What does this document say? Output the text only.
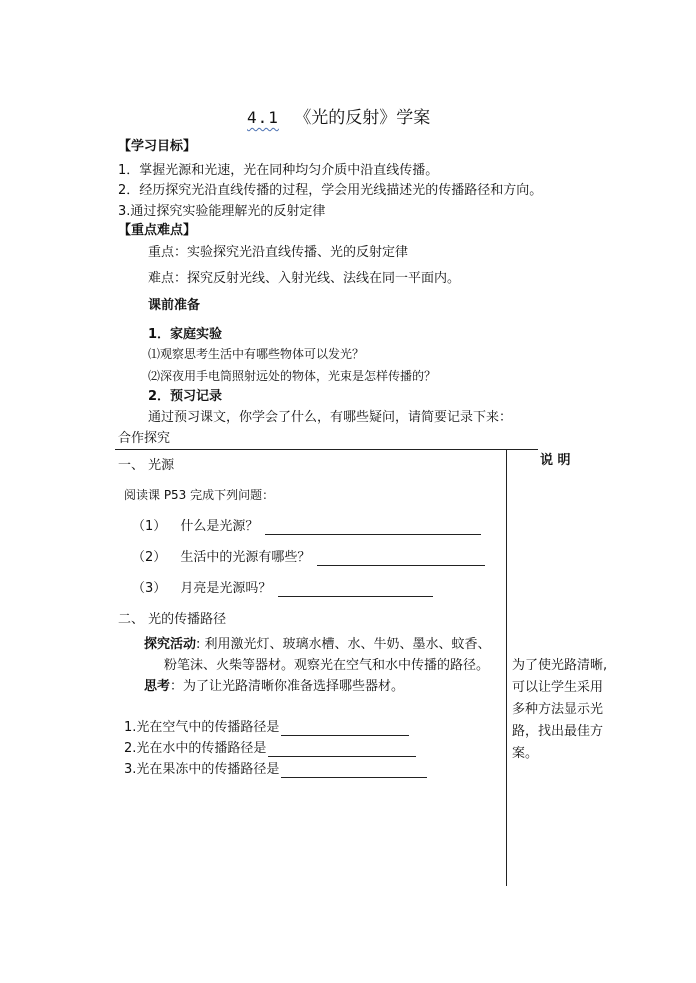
4.1 《光的反射》学案
【学习目标】
1．掌握光源和光速，光在同种均匀介质中沿直线传播。
2．经历探究光沿直线传播的过程，学会用光线描述光的传播路径和方向。
3.通过探究实验能理解光的反射定律
【重点难点】
重点：实验探究光沿直线传播、光的反射定律
难点：探究反射光线、入射光线、法线在同一平面内。
课前准备
1．家庭实验
⑴观察思考生活中有哪些物体可以发光？
⑵深夜用手电筒照射远处的物体，光束是怎样传播的？
2．预习记录
通过预习课文，你学会了什么，有哪些疑问，请简要记录下来：
合作探究
说 明
一、 光源
阅读课 P53 完成下列问题：
（1） 什么是光源？
（2） 生活中的光源有哪些？
（3） 月亮是光源吗？
二、 光的传播路径
探究活动: 利用激光灯、玻璃水槽、水、牛奶、墨水、蚊香、
粉笔沫、火柴等器材。观察光在空气和水中传播的路径。
思考：为了让光路清晰你准备选择哪些器材。
1.光在空气中的传播路径是
2.光在水中的传播路径是
3.光在果冻中的传播路径是
为了使光路清晰,可以让学生采用多种方法显示光路，找出最佳方案。
